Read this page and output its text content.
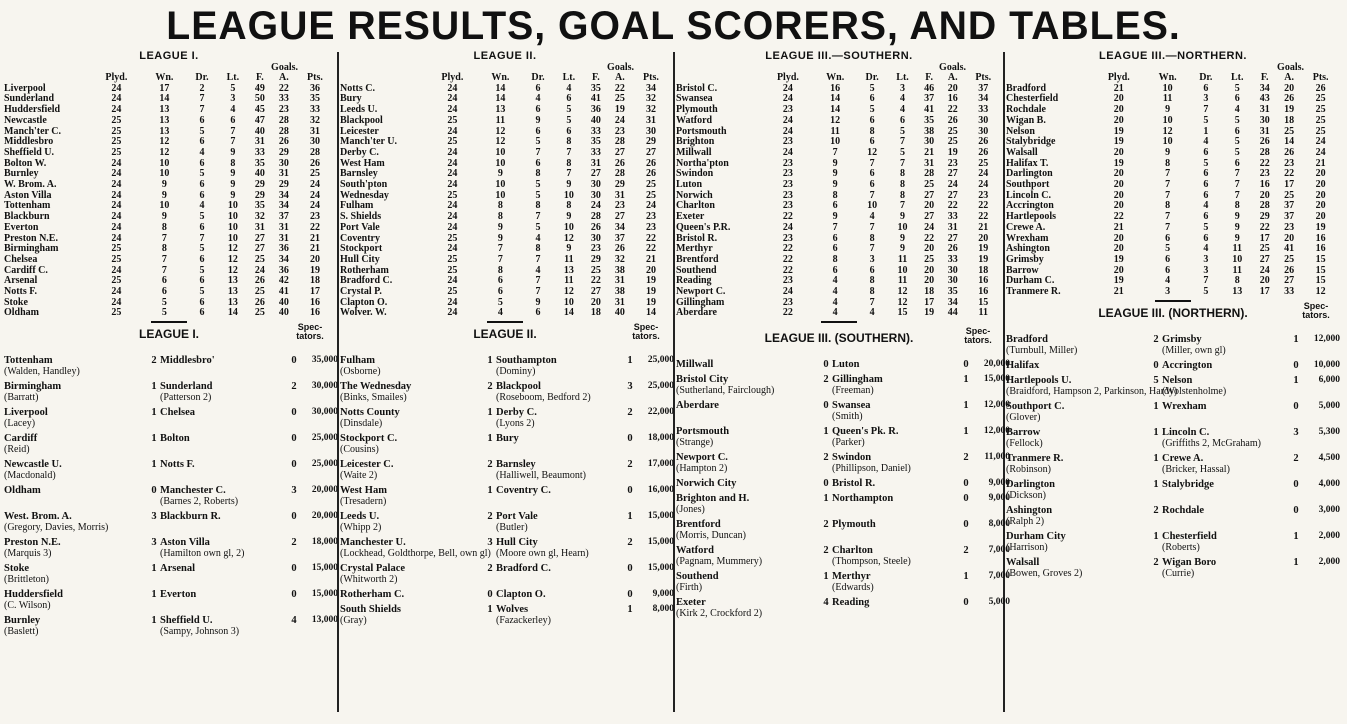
LEAGUE RESULTS, GOAL SCORERS, AND TABLES.
LEAGUE I.
Goals.
	Plyd.	Wn.	Dr.	Lt.	F.	A.	Pts.
Liverpool	24	17	2	5	49	22	36
Sunderland	24	14	7	3	50	33	35
Huddersfield	24	13	7	4	45	23	33
Newcastle	25	13	6	6	47	28	32
Manch'ter C.	25	13	5	7	40	28	31
Middlesbro	25	12	6	7	31	26	30
Sheffield U.	25	12	4	9	33	29	28
Bolton W.	24	10	6	8	35	30	26
Burnley	24	10	5	9	40	31	25
W. Brom. A.	24	9	6	9	29	29	24
Aston Villa	24	9	6	9	29	34	24
Tottenham	24	10	4	10	35	34	24
Blackburn	24	9	5	10	32	37	23
Everton	24	8	6	10	31	31	22
Preston N.E.	24	7	7	10	27	31	21
Birmingham	25	8	5	12	27	36	21
Chelsea	25	7	6	12	25	34	20
Cardiff C.	24	7	5	12	24	36	19
Arsenal	25	6	6	13	26	42	18
Notts F.	24	6	5	13	25	41	17
Stoke	24	5	6	13	26	40	16
Oldham	25	5	6	14	25	40	16
LEAGUE I.	Spec-tators.
Tottenham	2 Middlesbro'	0	35,000
(Walden, Handley)
Birmingham	1 Sunderland	2	30,000
(Barratt)	(Patterson 2)
Liverpool	1 Chelsea	0	30,000
(Lacey)
Cardiff	1 Bolton	0	25,000
(Reid)
Newcastle U.	1 Notts F.	0	25,000
(Macdonald)
Oldham	0 Manchester C.	3	20,000
(Barnes 2, Roberts)
West. Brom. A.	3 Blackburn R.	0	20,000
(Gregory, Davies, Morris)
Preston N.E.	3 Aston Villa	2	18,000
(Marquis 3)	(Hamilton own gl, 2)
Stoke	1 Arsenal	0	15,000
(Brittleton)
Huddersfield	1 Everton	0	15,000
(C. Wilson)
Burnley	1 Sheffield U.	4	13,000
(Baslett)	(Sampy, Johnson 3)
LEAGUE II.
Goals.
	Plyd.	Wn.	Dr.	Lt.	F.	A.	Pts.
Notts C.	24	14	6	4	35	22	34
Bury	24	14	4	6	41	25	32
Leeds U.	24	13	6	5	36	19	32
Blackpool	25	11	9	5	40	24	31
Leicester	24	12	6	6	33	23	30
Manch'ter U.	25	12	5	8	35	28	29
Derby C.	24	10	7	7	33	27	27
West Ham	24	10	6	8	31	26	26
Barnsley	24	9	8	7	27	28	26
South'pton	24	10	5	9	30	29	25
Wednesday	25	10	5	10	30	31	25
Fulham	24	8	8	8	24	23	24
S. Shields	24	8	7	9	28	27	23
Port Vale	24	9	5	10	26	34	23
Coventry	25	9	4	12	30	37	22
Stockport	24	7	8	9	23	26	22
Hull City	25	7	7	11	29	32	21
Rotherham	25	8	4	13	25	38	20
Bradford C.	24	6	7	11	22	31	19
Crystal P.	25	6	7	12	27	38	19
Clapton O.	24	5	9	10	20	31	19
Wolver. W.	24	4	6	14	18	40	14
LEAGUE II.	Spec-tators.
Fulham	1 Southampton	1	25,000
(Osborne)	(Dominy)
The Wednesday	2 Blackpool	3	25,000
(Binks, Smailes)	(Roseboom, Bedford 2)
Notts County	1 Derby C.	2	22,000
(Dinsdale)	(Lyons 2)
Stockport C.	1 Bury	0	18,000
(Cousins)
Leicester C.	2 Barnsley	2	17,000
(Waite 2)	(Halliwell, Beaumont)
West Ham	1 Coventry C.	0	16,000
(Tresadern)
Leeds U.	2 Port Vale	1	15,000
(Whipp 2)	(Butler)
Manchester U.	3 Hull City	2	15,000
(Lockhead, Goldthorpe, Bell, own gl) (Moore own gl, Hearn)
Crystal Palace	2 Bradford C.	0	15,000
(Whitworth 2)
Rotherham C.	0 Clapton O.	0	9,000
South Shields	1 Wolves	1	8,000
(Gray)	(Fazackerley)
LEAGUE III.—SOUTHERN.
Goals.
	Plyd.	Wn.	Dr.	Lt.	F.	A.	Pts.
Bristol C.	24	16	5	3	46	20	37
Swansea	24	14	6	4	37	16	34
Plymouth	23	14	5	4	41	22	33
Watford	24	12	6	6	35	26	30
Portsmouth	24	11	8	5	38	25	30
Brighton	23	10	6	7	30	25	26
Millwall	24	7	12	5	21	19	26
Northa'pton	23	9	7	7	31	23	25
Swindon	23	9	6	8	28	27	24
Luton	23	9	6	8	25	24	24
Norwich	23	8	7	8	27	27	23
Charlton	23	6	10	7	20	22	22
Exeter	22	9	4	9	27	33	22
Queen's P.R.	24	7	7	10	24	31	21
Bristol R.	23	6	8	9	22	27	20
Merthyr	22	6	7	9	20	26	19
Brentford	22	8	3	11	25	33	19
Southend	22	6	6	10	20	30	18
Reading	23	4	8	11	20	30	16
Newport C.	24	4	8	12	18	35	16
Gillingham	23	4	7	12	17	34	15
Aberdare	22	4	4	15	19	44	11
LEAGUE III. (SOUTHERN).	Spec-tators.
Millwall	0 Luton	0	20,000
Bristol City	2 Gillingham	1	15,000
(Sutherland, Fairclough)	(Freeman)
Aberdare	0 Swansea	1	12,000
(Smith)
Portsmouth	1 Queen's Pk. R.	1	12,000
(Strange)	(Parker)
Newport C.	2 Swindon	2	11,000
(Hampton 2)	(Phillipson, Daniel)
Norwich City	0 Bristol R.	0	9,000
Brighton and H.	1 Northampton	0	9,000
(Jones)
Brentford	2 Plymouth	0	8,000
(Morris, Duncan)
Watford	2 Charlton	2	7,000
(Pagnam, Mummery)	(Thompson, Steele)
Southend	1 Merthyr	1	7,000
(Firth)	(Edwards)
Exeter	4 Reading	0	5,000
(Kirk 2, Crockford 2)
LEAGUE III.—NORTHERN.
Goals.
	Plyd.	Wn.	Dr.	Lt.	F.	A.	Pts.
Bradford	21	10	6	5	34	20	26
Chesterfield	20	11	3	6	43	26	25
Rochdale	20	9	7	4	31	19	25
Wigan B.	20	10	5	5	30	18	25
Nelson	19	12	1	6	31	25	25
Stalybridge	19	10	4	5	26	14	24
Walsall	20	9	6	5	28	26	24
Halifax T.	19	8	5	6	22	23	21
Darlington	20	7	6	7	23	22	20
Southport	20	7	6	7	16	17	20
Lincoln C.	20	7	6	7	20	25	20
Accrington	20	8	4	8	28	37	20
Hartlepools	22	7	6	9	29	37	20
Crewe A.	21	7	5	9	22	23	19
Wrexham	20	6	6	9	17	20	16
Ashington	20	5	4	11	25	41	16
Grimsby	19	6	3	10	27	25	15
Barrow	20	6	3	11	24	26	15
Durham C.	19	4	7	8	20	27	15
Tranmere R.	21	3	5	13	17	33	12
LEAGUE III. (NORTHERN).	Spec-tators.
Bradford	2 Grimsby	1	12,000
(Turnbull, Miller)	(Miller, own gl)
Halifax	0 Accrington	0	10,000
Hartlepools U.	5 Nelson	1	6,000
(Braidford, Hampson 2, Parkinson, Hardy)
(Wolstenholme)
Southport C.	1 Wrexham	0	5,000
(Glover)
Barrow	1 Lincoln C.	3	5,300
(Fellock)	(Griffiths 2, McGraham)
Tranmere R.	1 Crewe A.	2	4,500
(Robinson)	(Bricker, Hassal)
Darlington	1 Stalybridge	0	4,000
(Dickson)
Ashington	2 Rochdale	0	3,000
(Ralph 2)
Durham City	1 Chesterfield	1	2,000
(Harrison)	(Roberts)
Walsall	2 Wigan Boro	1	2,000
(Bowen, Groves 2)	(Currie)
